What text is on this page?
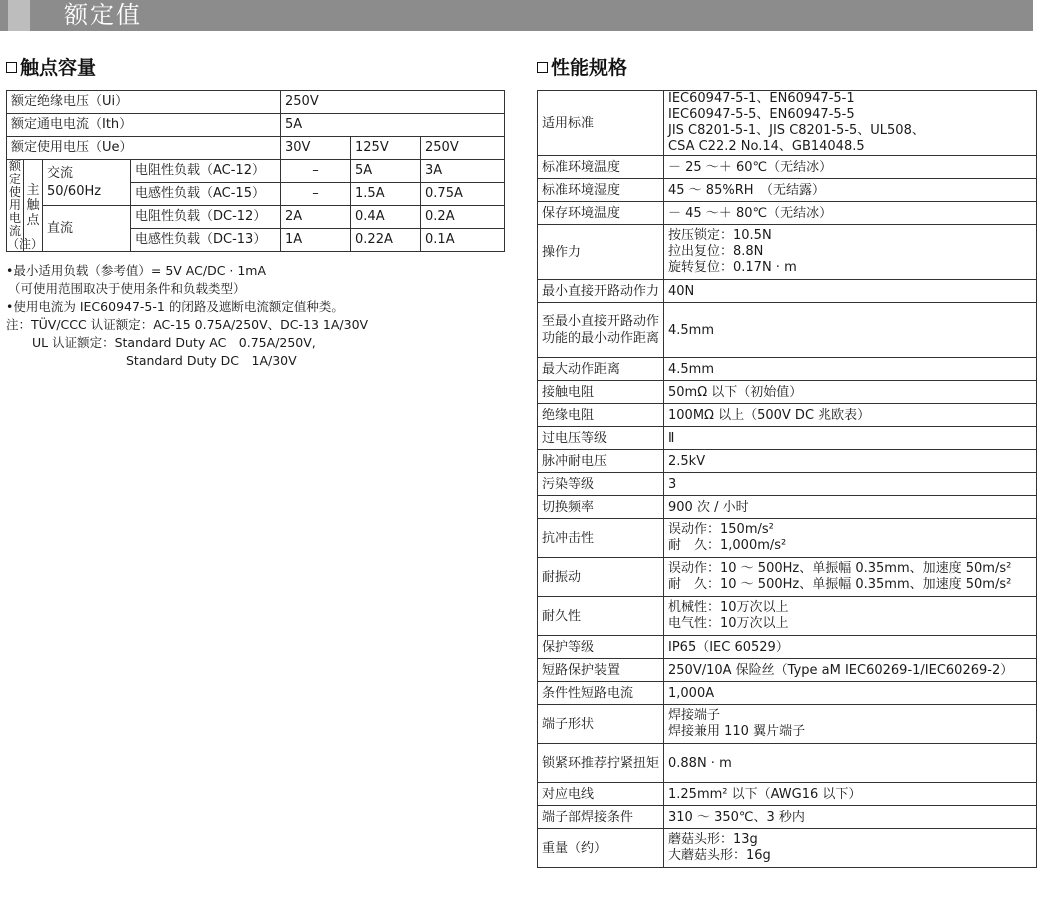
额定值
触点容量	性能规格
额定绝缘电压（Ui）				250V		
额定通电电流（Ith）				5A		
额定使用电压（Ue）				30V	125V	250V
额定使用电流（注）	主触点	交流 50/60Hz	电阻性负载（AC-12）	–	5A	3A
			电感性负载（AC-15）	–	1.5A	0.75A
		直流	电阻性负载（DC-12）	2A	0.4A	0.2A
			电感性负载（DC-13）	1A	0.22A	0.1A
•最小适用负载（参考值）= 5V AC/DC · 1mA
（可使用范围取决于使用条件和负载类型）
•使用电流为 IEC60947-5-1 的闭路及遮断电流额定值种类。
注：TÜV/CCC 认证额定：AC-15 0.75A/250V、DC-13 1A/30V
UL 认证额定：Standard Duty AC　0.75A/250V,
Standard Duty DC　1A/30V
适用标准	IEC60947-5-1、EN60947-5-1
IEC60947-5-5、EN60947-5-5
JIS C8201-5-1、JIS C8201-5-5、UL508、
CSA C22.2 No.14、GB14048.5

标准环境温度	－ 25 ～＋ 60℃（无结冰）

标准环境湿度	45 ～ 85%RH　（无结露）

保存环境温度	－ 45 ～＋ 80℃（无结冰）

操作力	按压锁定：10.5N
拉出复位：8.8N
旋转复位：0.17N · m

最小直接开路动作力	40N

至最小直接开路动作功能的最小动作距离	4.5mm

最大动作距离	4.5mm

接触电阻	50mΩ 以下（初始值）

绝缘电阻	100MΩ 以上（500V DC 兆欧表）

过电压等级	Ⅱ

脉冲耐电压	2.5kV

污染等级	3

切换频率	900 次 / 小时

抗冲击性	误动作：150m/s²
耐　久：1,000m/s²

耐振动	误动作：10 ～ 500Hz、单振幅 0.35mm、加速度 50m/s²
耐　久：10 ～ 500Hz、单振幅 0.35mm、加速度 50m/s²

耐久性	机械性：10万次以上
电气性：10万次以上

保护等级	IP65（IEC 60529）

短路保护装置	250V/10A 保险丝（Type aM IEC60269-1/IEC60269-2）

条件性短路电流	1,000A

端子形状	焊接端子
焊接兼用 110 翼片端子

锁紧环推荐拧紧扭矩	0.88N · m

对应电线	1.25mm² 以下（AWG16 以下）

端子部焊接条件	310 ～ 350℃、3 秒内

重量（约）	蘑菇头形：13g
大蘑菇头形：16g
